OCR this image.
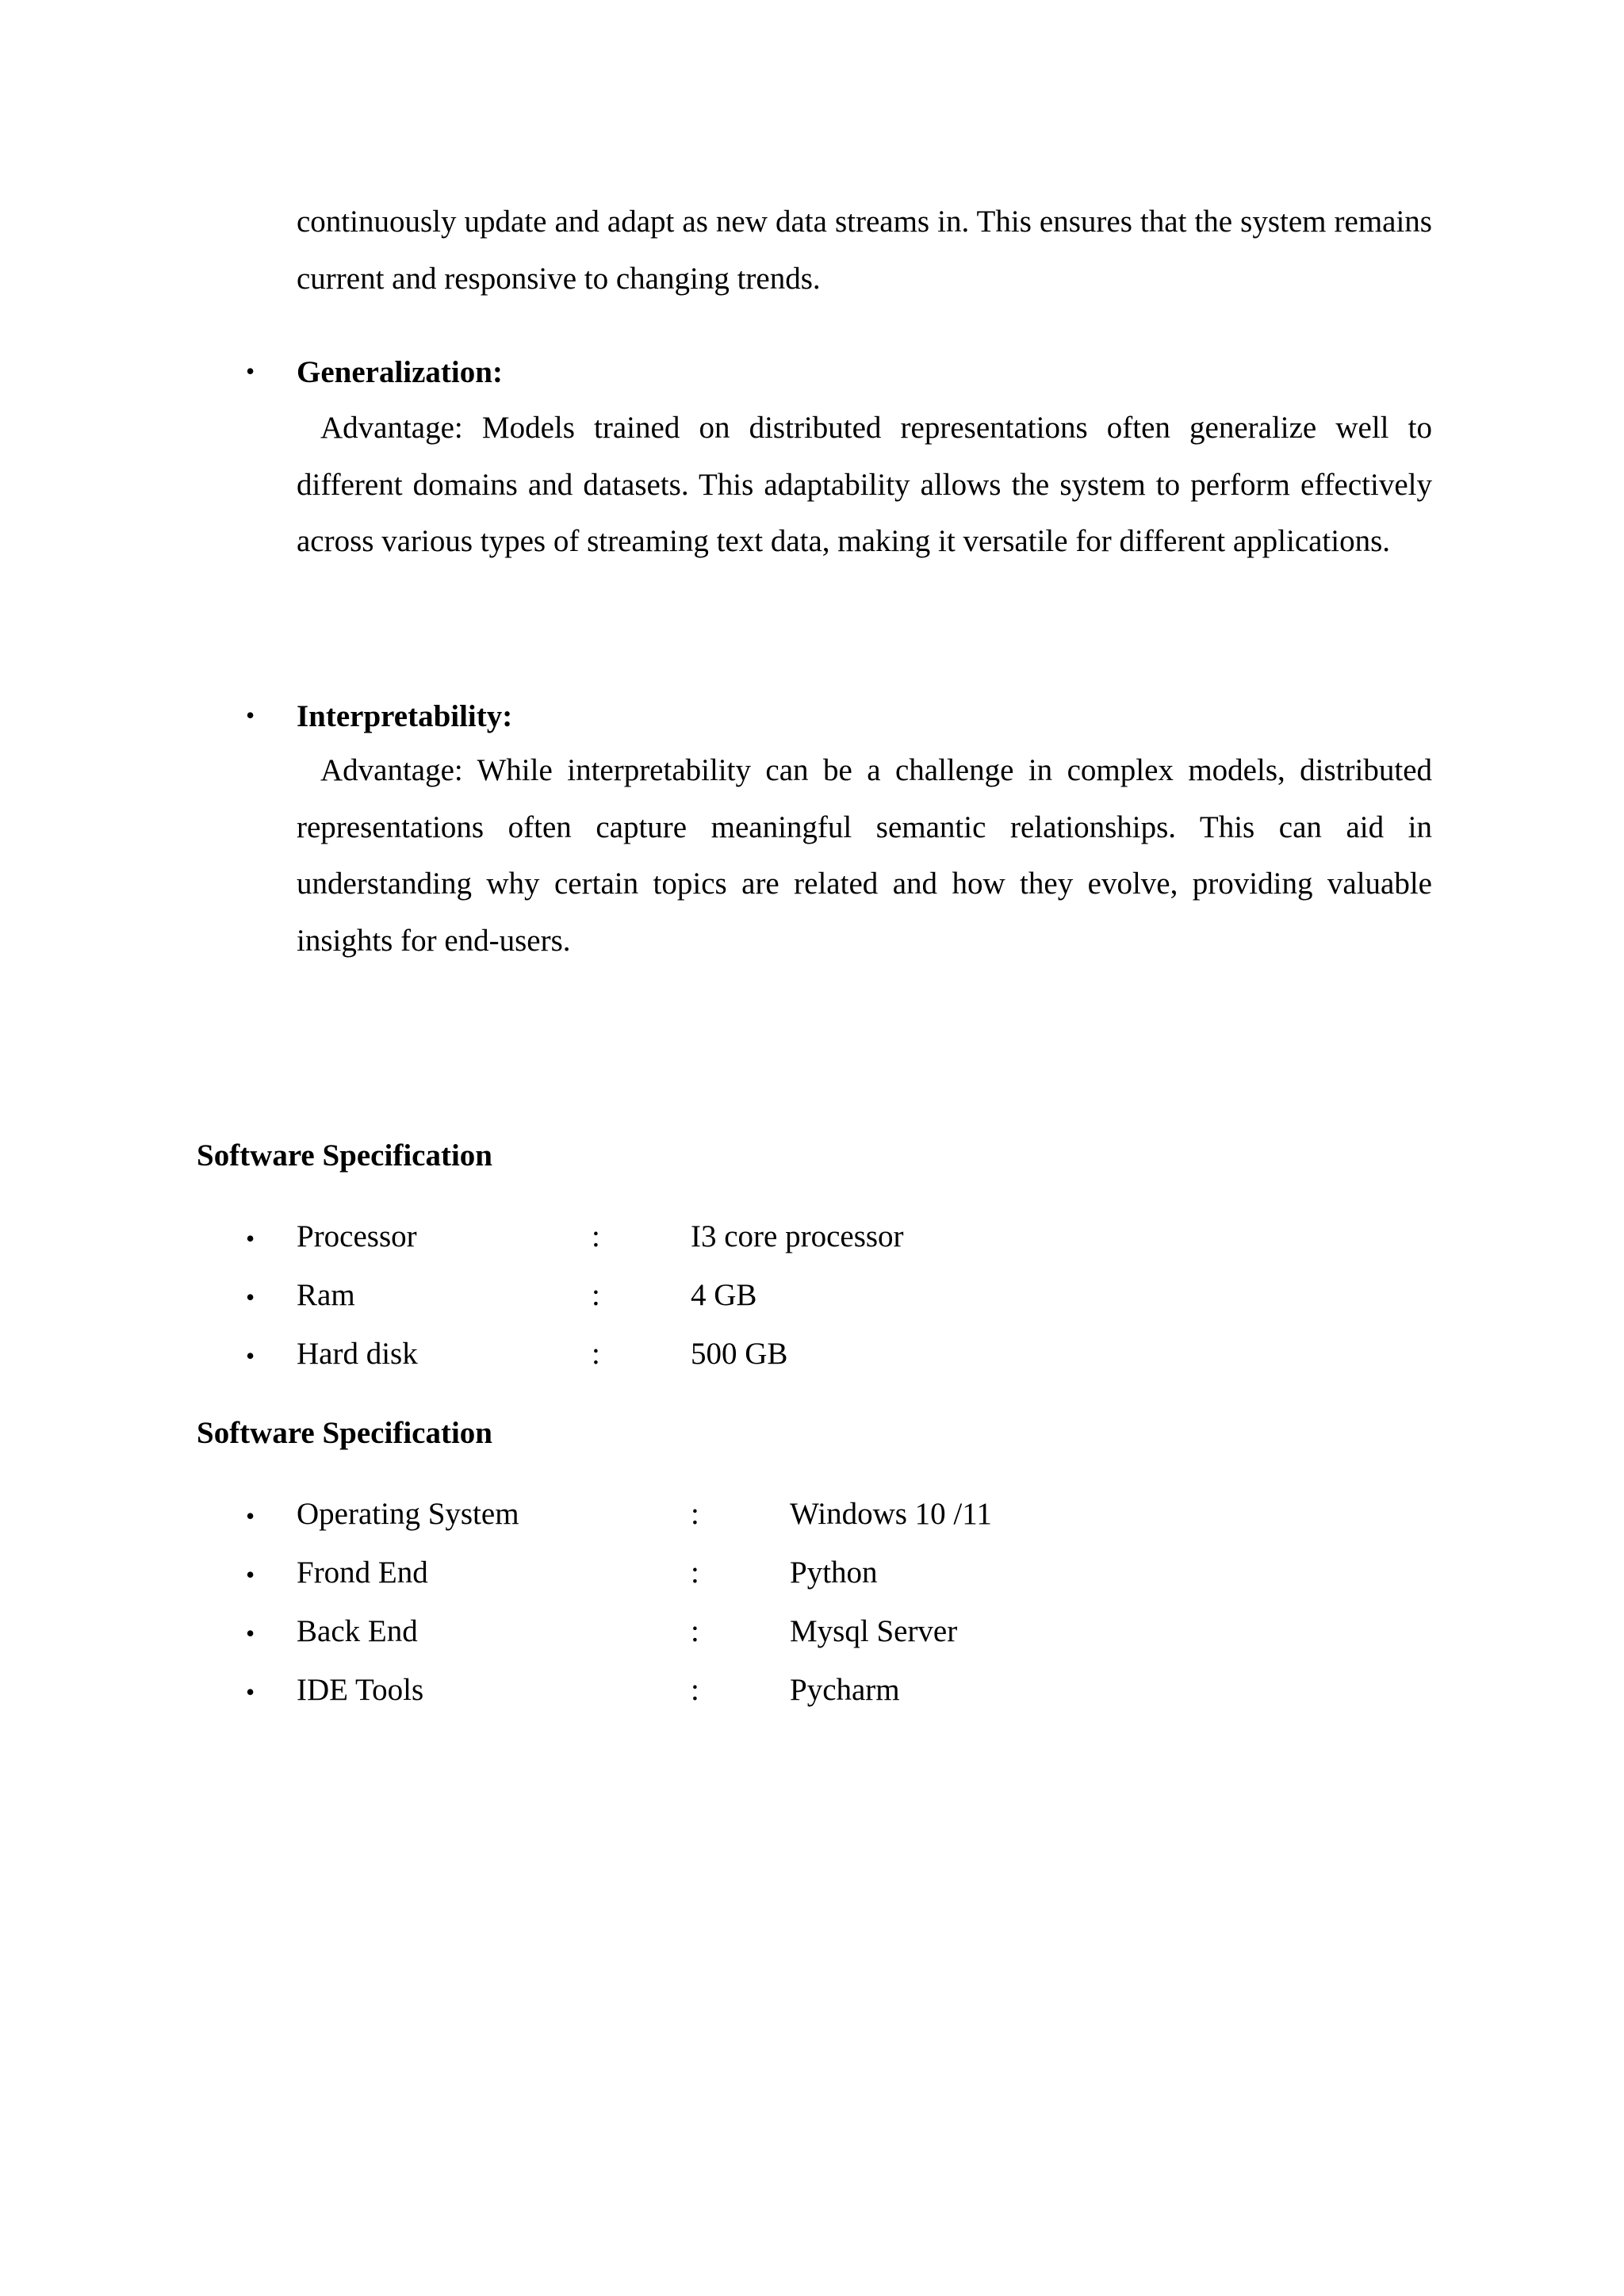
continuously update and adapt as new data streams in. This ensures that the system remains current and responsive to changing trends.

• Generalization:

Advantage: Models trained on distributed representations often generalize well to different domains and datasets. This adaptability allows the system to perform effectively across various types of streaming text data, making it versatile for different applications.

• Interpretability:

Advantage: While interpretability can be a challenge in complex models, distributed representations often capture meaningful semantic relationships. This can aid in understanding why certain topics are related and how they evolve, providing valuable insights for end-users.

Software Specification

• Processor	:	I3 core processor
• Ram	:	4 GB
• Hard disk	:	500 GB

Software Specification

• Operating System	:	Windows 10 /11
• Frond End	:	Python
• Back End	:	Mysql Server
• IDE Tools	:	Pycharm
